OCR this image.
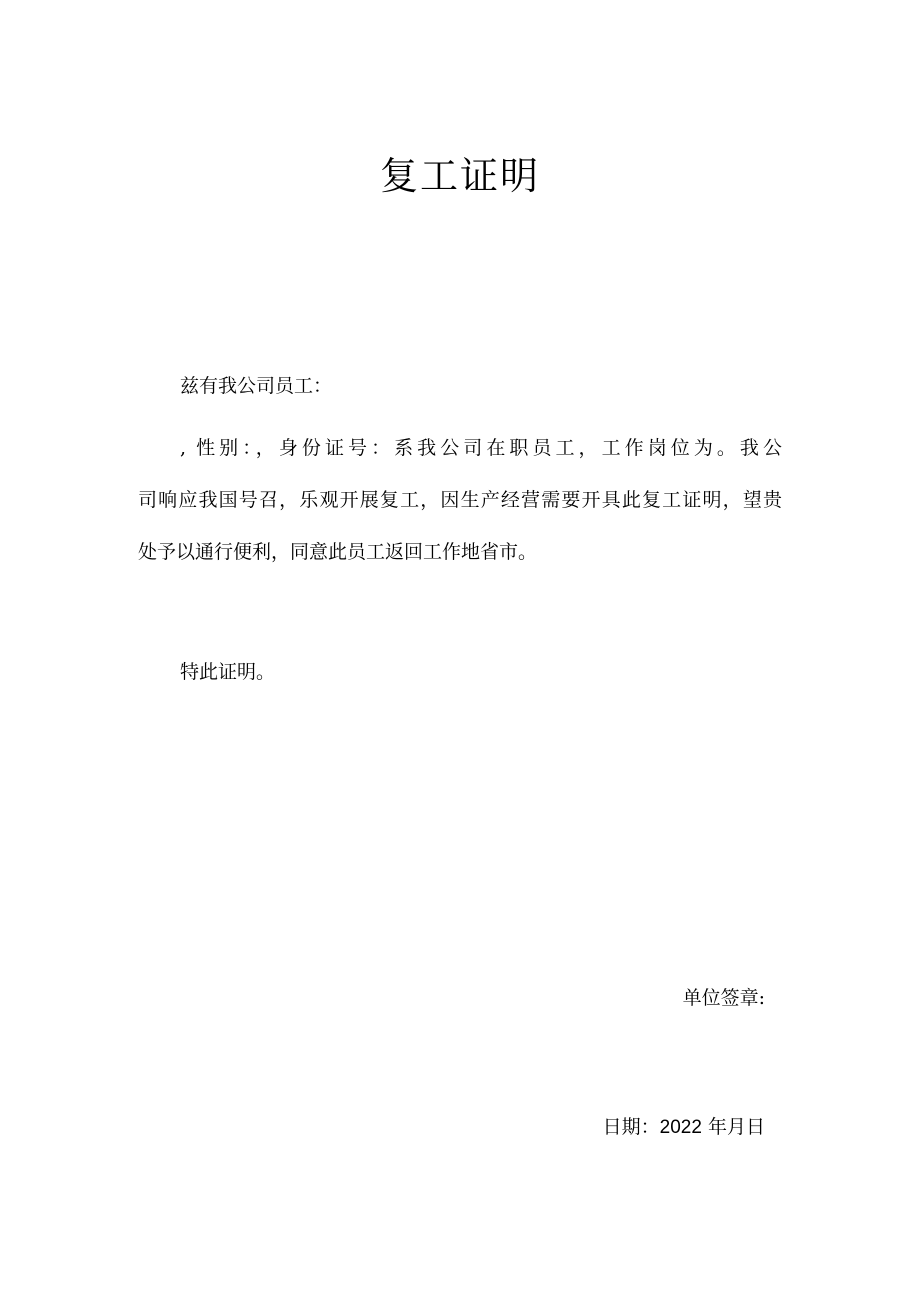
复工证明

兹有我公司员工：

, 性别：，身份证号：系我公司在职员工，工作岗位为。我公
司响应我国号召，乐观开展复工，因生产经营需要开具此复工证明，望贵
处予以通行便利，同意此员工返回工作地省市。

特此证明。

单位签章:

日期：2022 年月日
